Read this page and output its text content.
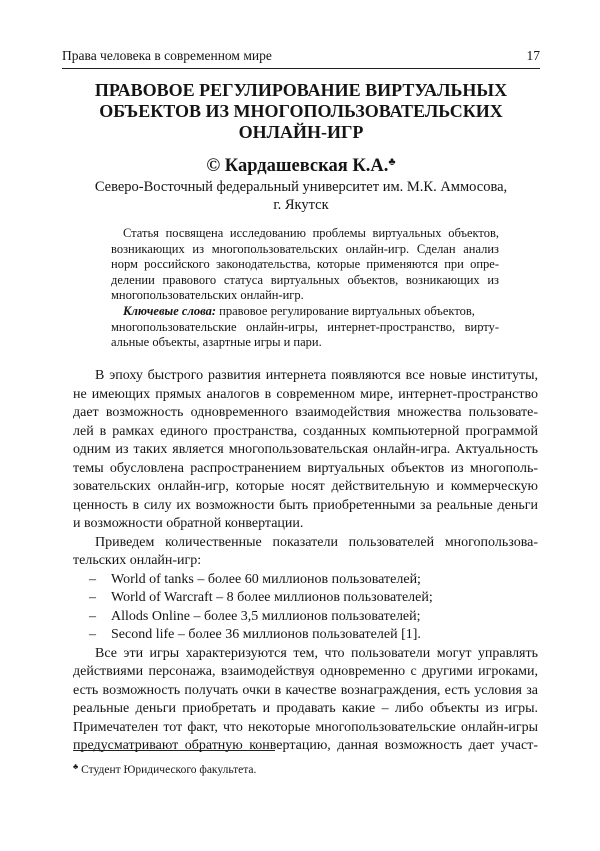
Права человека в современном мире	17
ПРАВОВОЕ РЕГУЛИРОВАНИЕ ВИРТУАЛЬНЫХ
ОБЪЕКТОВ ИЗ МНОГОПОЛЬЗОВАТЕЛЬСКИХ
ОНЛАЙН-ИГР
© Кардашевская К.А.♣
Северо-Восточный федеральный университет им. М.К. Аммосова,
г. Якутск
Статья посвящена исследованию проблемы виртуальных объектов,
возникающих из многопользовательских онлайн-игр. Сделан анализ
норм российского законодательства, которые применяются при опре-
делении правового статуса виртуальных объектов, возникающих из
многопользовательских онлайн-игр.
Ключевые слова: правовое регулирование виртуальных объектов,
многопользовательские онлайн-игры, интернет-пространство, вирту-
альные объекты, азартные игры и пари.
В эпоху быстрого развития интернета появляются все новые институты,
не имеющих прямых аналогов в современном мире, интернет-пространство
дает возможность одновременного взаимодействия множества пользовате-
лей в рамках единого пространства, созданных компьютерной программой
одним из таких является многопользовательская онлайн-игра. Актуальность
темы обусловлена распространением виртуальных объектов из многополь-
зовательских онлайн-игр, которые носят действительную и коммерческую
ценность в силу их возможности быть приобретенными за реальные деньги
и возможности обратной конвертации.
Приведем количественные показатели пользователей многопользова-
тельских онлайн-игр:
– World of tanks – более 60 миллионов пользователей;
– World of Warcraft – 8 более миллионов пользователей;
– Allods Online – более 3,5 миллионов пользователей;
– Second life – более 36 миллионов пользователей [1].
Все эти игры характеризуются тем, что пользователи могут управлять
действиями персонажа, взаимодействуя одновременно с другими игроками,
есть возможность получать очки в качестве вознаграждения, есть условия за
реальные деньги приобретать и продавать какие – либо объекты из игры.
Примечателен тот факт, что некоторые многопользовательские онлайн-игры
предусматривают обратную конвертацию, данная возможность дает участ-
♣ Студент Юридического факультета.
